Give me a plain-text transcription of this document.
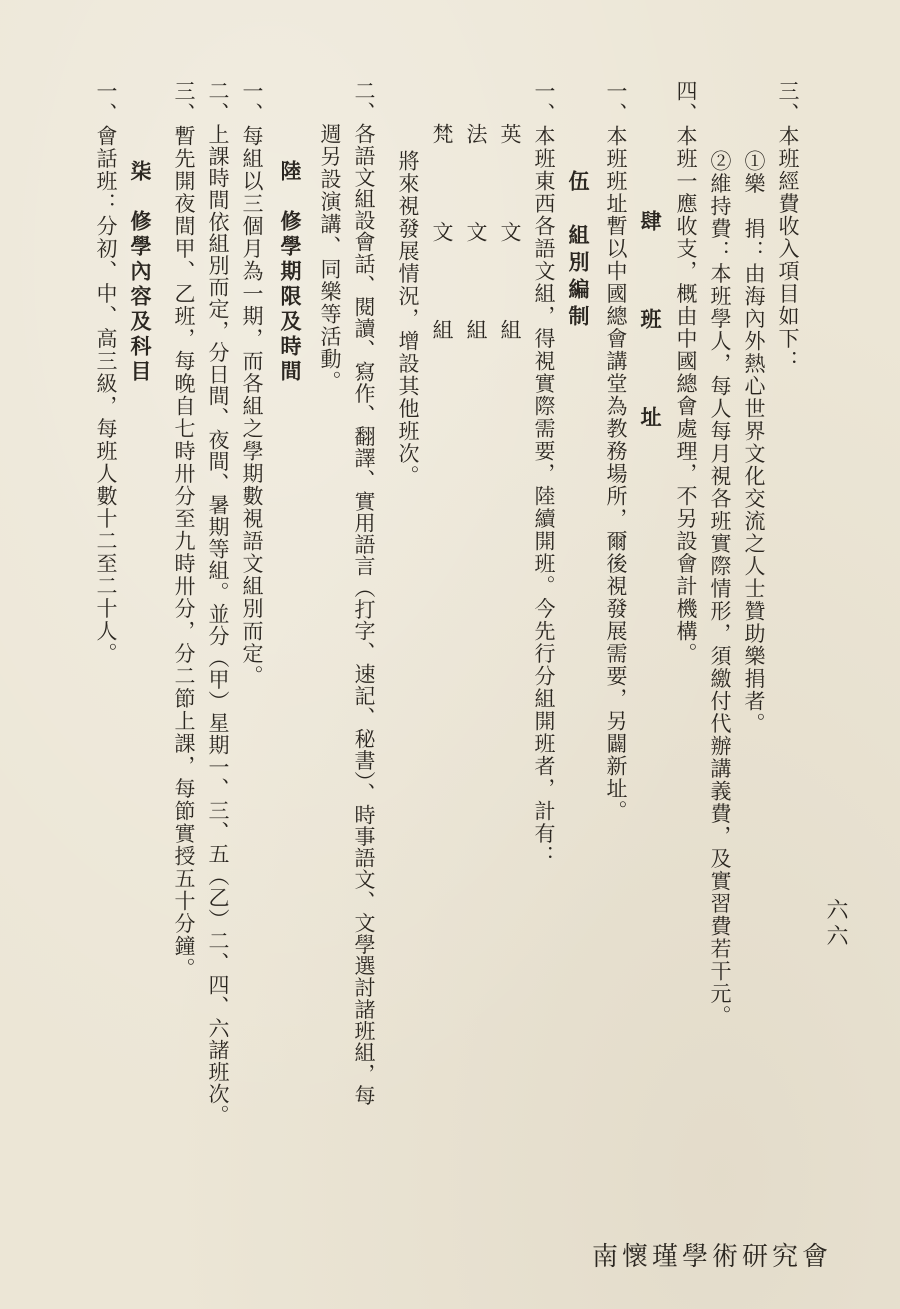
六六
三、本班經費收入項目如下：
①樂　捐：由海內外熱心世界文化交流之人士贊助樂捐者。
②維持費：本班學人，每人每月視各班實際情形，須繳付代辦講義費，及實習費若干元。
四、本班一應收支，概由中國總會處理，不另設會計機構。
肆　班　址
一、本班班址暫以中國總會講堂為教務場所，爾後視發展需要，另闢新址。
伍　組別編制
一、本班東西各語文組，得視實際需要，陸續開班。今先行分組開班者，計有：
英　文　組
法　文　組
梵　文　組
將來視發展情況，增設其他班次。
二、各語文組設會話、閱讀、寫作、翻譯、實用語言（打字、速記、秘書）、時事語文、文學選討諸班組，每
週另設演講、同樂等活動。
陸　修學期限及時間
一、每組以三個月為一期，而各組之學期數視語文組別而定。
二、上課時間依組別而定，分日間、夜間、暑期等組。並分（甲）星期一、三、五（乙）二、四、六諸班次。
三、暫先開夜間甲、乙班，每晚自七時卅分至九時卅分，分二節上課，每節實授五十分鐘。
柒　修學內容及科目
一、會話班：分初、中、高三級，每班人數十二至二十人。
南懷瑾學術研究會
